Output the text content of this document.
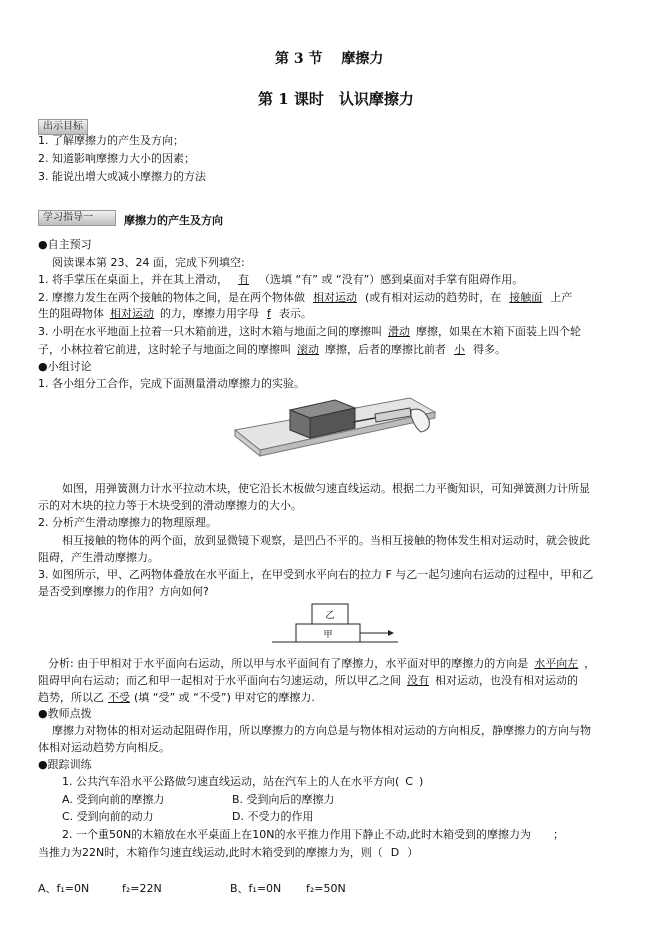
第 3 节　 摩擦力
第 1 课时　认识摩擦力
出示目标
1. 了解摩擦力的产生及方向；
2. 知道影响摩擦力大小的因素；
3. 能说出增大或减小摩擦力的方法
学习指导一	摩擦力的产生及方向
●自主预习
阅读课本第 23、24 面，完成下列填空:
1. 将手掌压在桌面上，并在其上滑动， 有 （选填 “有” 或 “没有”）感到桌面对手掌有阻碍作用。
2. 摩擦力发生在两个接触的物体之间，是在两个物体做 相对运动 (或有相对运动的趋势时，在 接触面 上产
生的阻碍物体 相对运动 的力，摩擦力用字母 f 表示。
3. 小明在水平地面上拉着一只木箱前进，这时木箱与地面之间的摩擦叫 滑动 摩擦，如果在木箱下面装上四个轮
子，小林拉着它前进，这时轮子与地面之间的摩擦叫 滚动 摩擦，后者的摩擦比前者 小 得多。
●小组讨论
1. 各小组分工合作，完成下面测量滑动摩擦力的实验。
如图，用弹簧测力计水平拉动木块，使它沿长木板做匀速直线运动。根据二力平衡知识，可知弹簧测力计所显
示的对木块的拉力等于木块受到的滑动摩擦力的大小。
2. 分析产生滑动摩擦力的物理原理。
相互接触的物体的两个面，放到显微镜下观察，是凹凸不平的。当相互接触的物体发生相对运动时，就会彼此
阻碍，产生滑动摩擦力。
3. 如图所示，甲、乙两物体叠放在水平面上，在甲受到水平向右的拉力 F 与乙一起匀速向右运动的过程中，甲和乙
是否受到摩擦力的作用？方向如何?
乙
甲
分析: 由于甲相对于水平面向右运动，所以甲与水平面间有了摩擦力，水平面对甲的摩擦力的方向是 水平向左 ，
阻碍甲向右运动；而乙和甲一起相对于水平面向右匀速运动，所以甲乙之间 没有 相对运动，也没有相对运动的
趋势，所以乙 不受 (填 “受” 或 “不受”) 甲对它的摩擦力.
●教师点拨
摩擦力对物体的相对运动起阻碍作用，所以摩擦力的方向总是与物体相对运动的方向相反，静摩擦力的方向与物
体相对运动趋势方向相反。
●跟踪训练
1. 公共汽车沿水平公路做匀速直线运动，站在汽车上的人在水平方向( C )
A. 受到向前的摩擦力	B. 受到向后的摩擦力
C. 受到向前的动力	D. 不受力的作用
2. 一个重50N的木箱放在水平桌面上在10N的水平推力作用下静止不动,此时木箱受到的摩擦力为 ；
当推力为22N时，木箱作匀速直线运动,此时木箱受到的摩擦力为，则（ D ）
A、f₁=0N	f₂=22N	B、f₁=0N f₂=50N
